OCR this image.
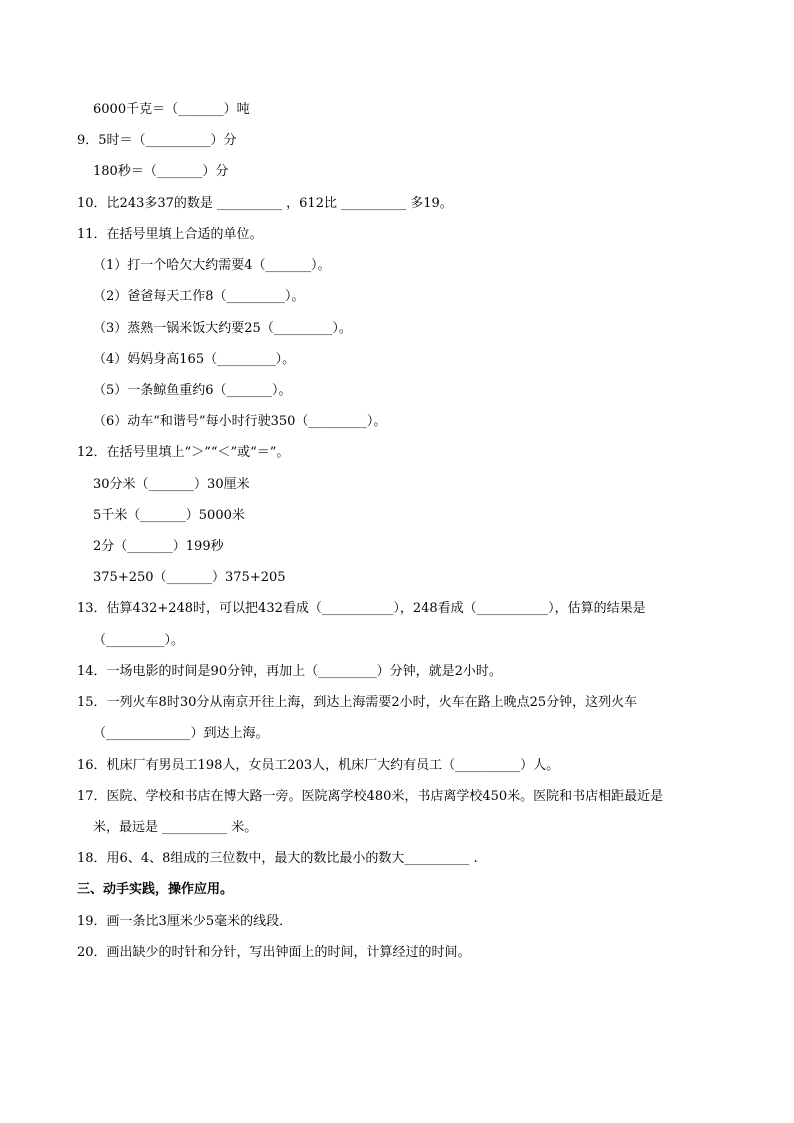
6000千克＝（_______）吨
9．5时＝（__________）分
180秒＝（_______）分
10．比243多37的数是 __________ ，612比 __________ 多19。
11．在括号里填上合适的单位。
（1）打一个哈欠大约需要4（_______）。
（2）爸爸每天工作8（_________）。
（3）蒸熟一锅米饭大约要25（_________）。
（4）妈妈身高165（_________）。
（5）一条鲸鱼重约6（_______）。
（6）动车“和谐号”每小时行驶350（_________）。
12．在括号里填上“＞”“＜”或“＝”。
30分米（_______）30厘米
5千米（_______）5000米
2分（_______）199秒
375+250（_______）375+205
13．估算432+248时，可以把432看成（___________），248看成（___________），估算的结果是
（_________）。
14．一场电影的时间是90分钟，再加上（_________）分钟，就是2小时。
15．一列火车8时30分从南京开往上海，到达上海需要2小时，火车在路上晚点25分钟，这列火车
（_____________）到达上海。
16．机床厂有男员工198人，女员工203人，机床厂大约有员工（__________）人。
17．医院、学校和书店在博大路一旁。医院离学校480米，书店离学校450米。医院和书店相距最近是
米，最远是 __________ 米。
18．用6、4、8组成的三位数中，最大的数比最小的数大__________ .
三、动手实践，操作应用。
19．画一条比3厘米少5毫米的线段．
20．画出缺少的时针和分针，写出钟面上的时间，计算经过的时间。
